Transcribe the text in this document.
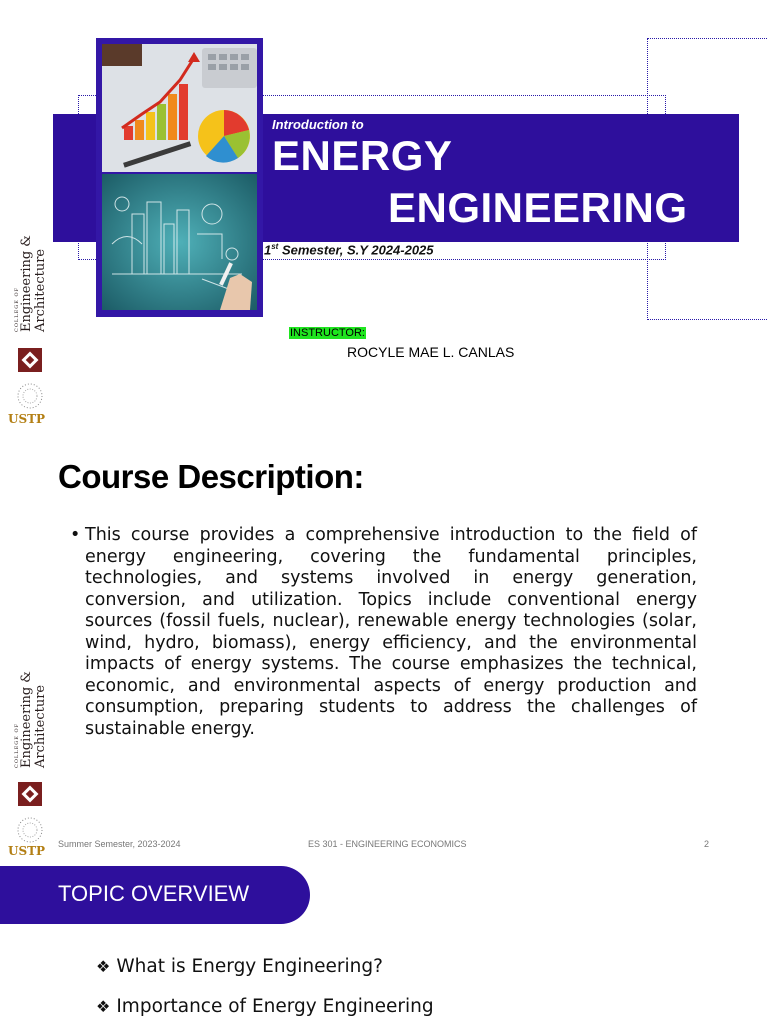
Introduction to
ENERGY
ENGINEERING
1st Semester, S.Y 2024-2025
INSTRUCTOR:
ROCYLE MAE L. CANLAS
COLLEGE OF Engineering & Architecture
USTP
Course Description:
• This course provides a comprehensive introduction to the field of energy engineering, covering the fundamental principles, technologies, and systems involved in energy generation, conversion, and utilization. Topics include conventional energy sources (fossil fuels, nuclear), renewable energy technologies (solar, wind, hydro, biomass), energy efficiency, and the environmental impacts of energy systems. The course emphasizes the technical, economic, and environmental aspects of energy production and consumption, preparing students to address the challenges of sustainable energy.
COLLEGE OF Engineering & Architecture
USTP Summer Semester, 2023-2024	ES 301 - ENGINEERING ECONOMICS	2
TOPIC OVERVIEW
❖ What is Energy Engineering?
❖ Importance of Energy Engineering
